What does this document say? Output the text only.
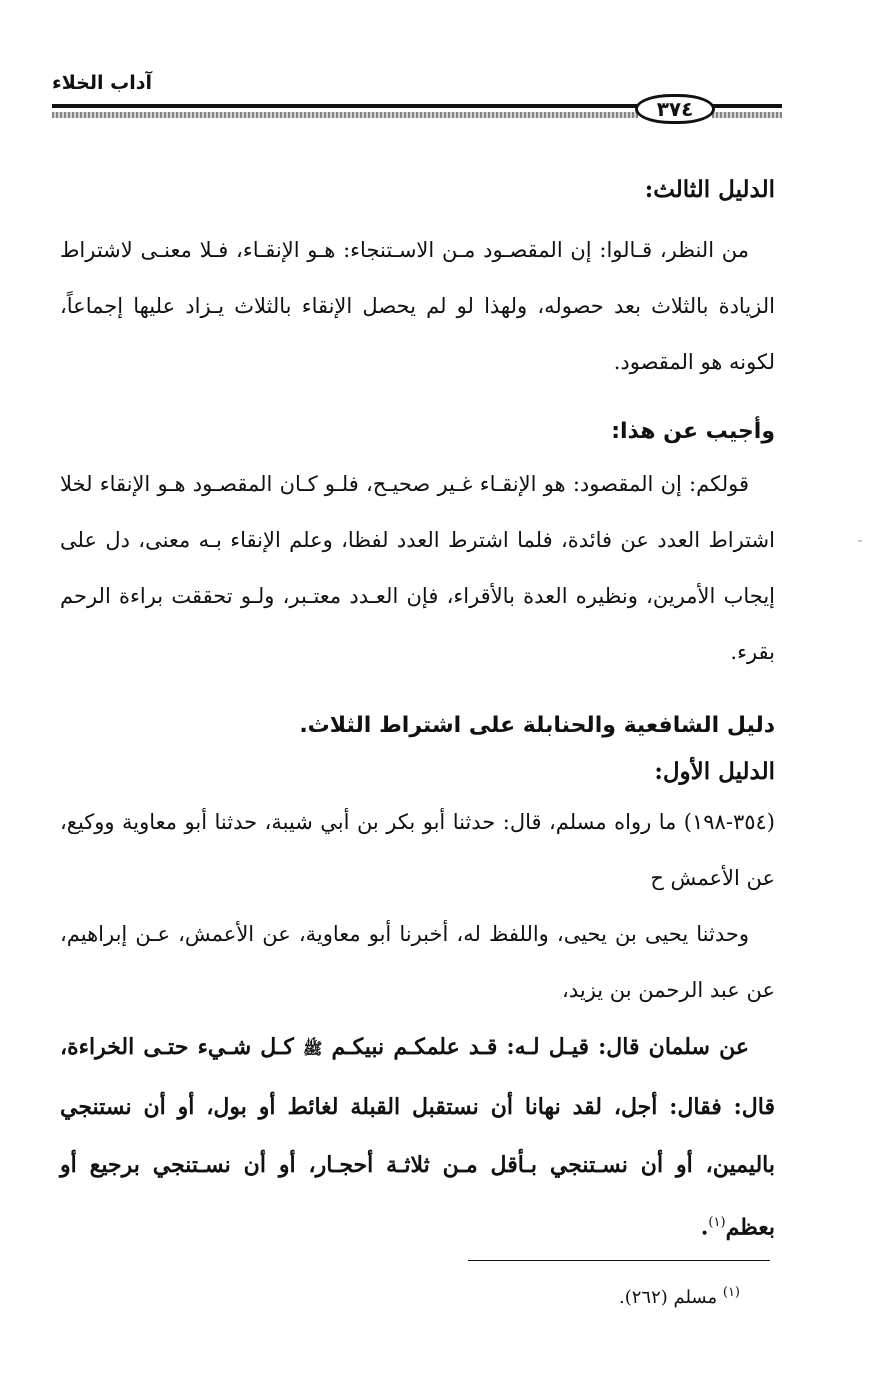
آداب الخلاء
٣٧٤
الدليل الثالث:

من النظر، قـالوا: إن المقصـود مـن الاسـتنجاء: هـو الإنقـاء، فـلا معنـى لاشتراط الزيادة بالثلاث بعد حصوله، ولهذا لو لم يحصل الإنقاء بالثلاث يـزاد عليها إجماعاً، لكونه هو المقصود.

وأجيب عن هذا:

قولكم: إن المقصود: هو الإنقـاء غـير صحيـح، فلـو كـان المقصـود هـو الإنقاء لخلا اشتراط العدد عن فائدة، فلما اشترط العدد لفظا، وعلم الإنقاء بـه معنى، دل على إيجاب الأمرين، ونظيره العدة بالأقراء، فإن العـدد معتـبر، ولـو تحققت براءة الرحم بقرء.

دليل الشافعية والحنابلة على اشتراط الثلاث.
الدليل الأول:

(٣٥٤-١٩٨) ما رواه مسلم، قال: حدثنا أبو بكر بن أبي شيبة، حدثنا أبو معاوية ووكيع، عن الأعمش ح

وحدثنا يحيى بن يحيى، واللفظ له، أخبرنا أبو معاوية، عن الأعمش، عـن إبراهيم، عن عبد الرحمن بن يزيد،

عن سلمان قال: قيـل لـه: قـد علمكـم نبيكـم ﷺ كـل شـيء حتـى الخراءة، قال: فقال: أجل، لقد نهانا أن نستقبل القبلة لغائط أو بول، أو أن نستنجي باليمين، أو أن نسـتنجي بـأقل مـن ثلاثـة أحجـار، أو أن نسـتنجي برجيع أو بعظم$^{(١)}$.

$^{(١)}$ مسلم (٢٦٢).
